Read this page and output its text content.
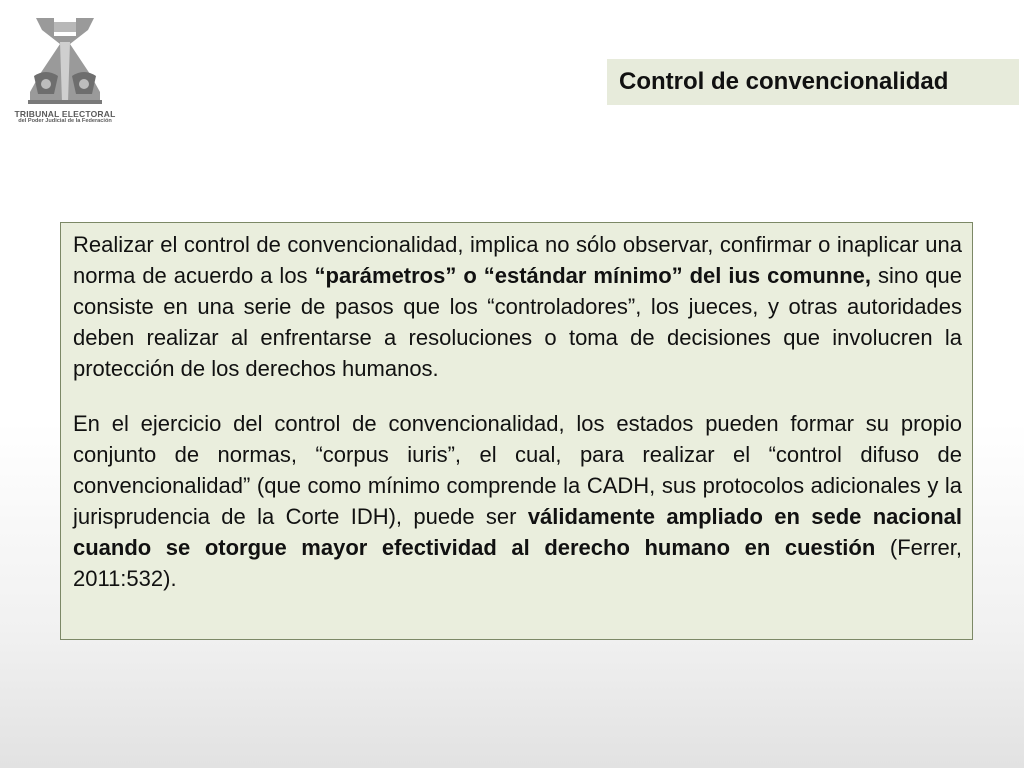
TRIBUNAL ELECTORAL
del Poder Judicial de la Federación
Control de convencionalidad

Realizar el control de convencionalidad, implica no sólo observar, confirmar o inaplicar una norma de acuerdo a los “parámetros” o “estándar mínimo” del ius comunne, sino que consiste en una serie de pasos que los “controladores”, los jueces, y otras autoridades deben realizar al enfrentarse a resoluciones o toma de decisiones que involucren la protección de los derechos humanos.

En el ejercicio del control de convencionalidad, los estados pueden formar su propio conjunto de normas, “corpus iuris”, el cual, para realizar el “control difuso de convencionalidad” (que como mínimo comprende la CADH, sus protocolos adicionales y la jurisprudencia de la Corte IDH), puede ser válidamente ampliado en sede nacional cuando se otorgue mayor efectividad al derecho humano en cuestión (Ferrer, 2011:532).
